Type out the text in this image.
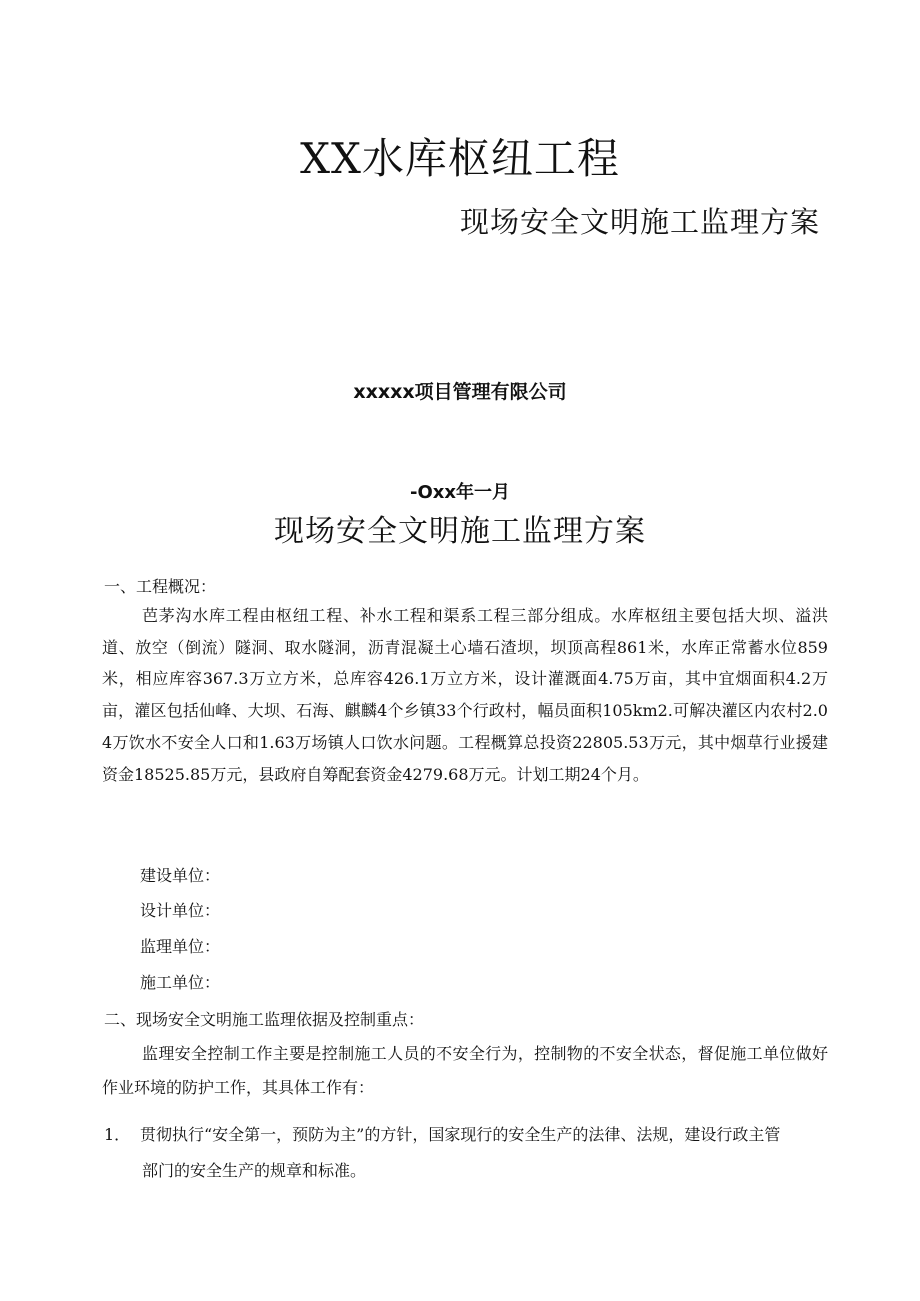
XX水库枢纽工程
现场安全文明施工监理方案
xxxxx项目管理有限公司
-Oxx年一月
现场安全文明施工监理方案
一、工程概况：
芭茅沟水库工程由枢纽工程、补水工程和渠系工程三部分组成。水库枢纽主要包括大坝、溢洪道、放空（倒流）隧洞、取水隧洞，沥青混凝土心墙石渣坝，坝顶高程861米，水库正常蓄水位859米，相应库容367.3万立方米，总库容426.1万立方米，设计灌溉面4.75万亩，其中宜烟面积4.2万亩，灌区包括仙峰、大坝、石海、麒麟4个乡镇33个行政村，幅员面积105km2.可解决灌区内农村2.04万饮水不安全人口和1.63万场镇人口饮水问题。工程概算总投资22805.53万元，其中烟草行业援建资金18525.85万元，县政府自筹配套资金4279.68万元。计划工期24个月。
建设单位：
设计单位：
监理单位：
施工单位：
二、现场安全文明施工监理依据及控制重点：
监理安全控制工作主要是控制施工人员的不安全行为，控制物的不安全状态，督促施工单位做好作业环境的防护工作，其具体工作有：
1． 贯彻执行“安全第一，预防为主”的方针，国家现行的安全生产的法律、法规，建设行政主管
部门的安全生产的规章和标准。
